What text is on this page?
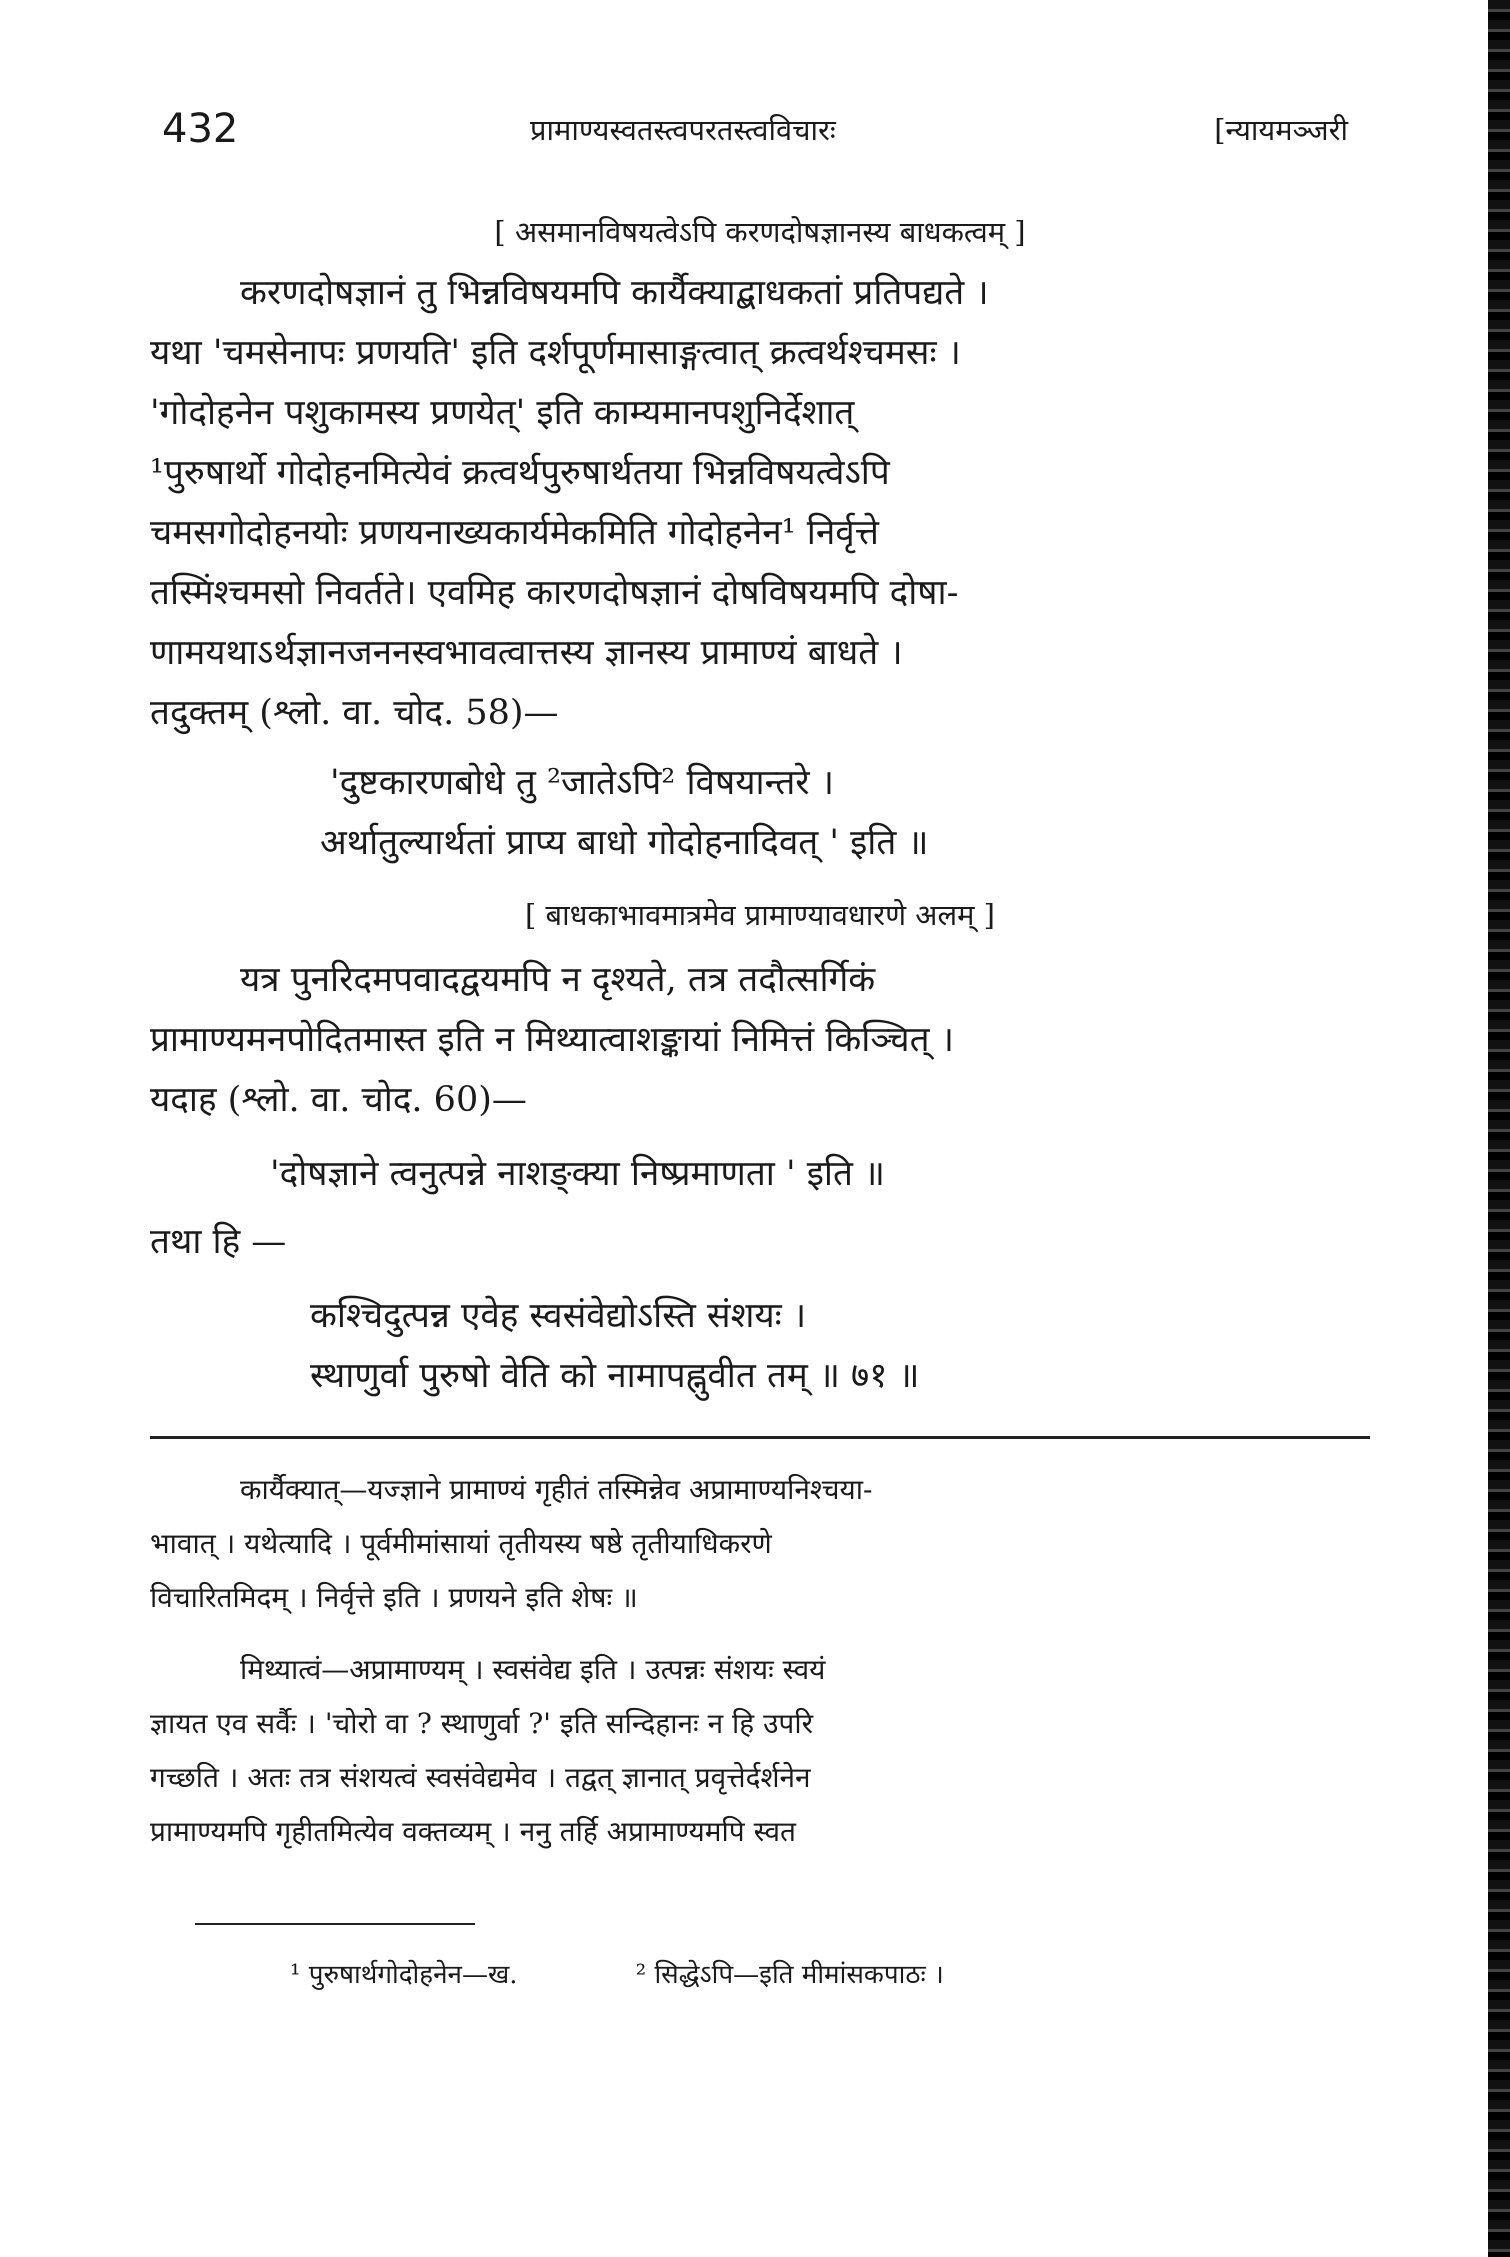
432	प्रामाण्यस्वतस्त्वपरतस्त्वविचारः	[न्यायमञ्जरी

[ असमानविषयत्वेऽपि करणदोषज्ञानस्य बाधकत्वम् ]

करणदोषज्ञानं तु भिन्नविषयमपि कार्यैक्याद्बाधकतां प्रतिपद्यते ।
यथा 'चमसेनापः प्रणयति' इति दर्शपूर्णमासाङ्गत्वात् क्रत्वर्थश्चमसः ।
'गोदोहनेन पशुकामस्य प्रणयेत्' इति काम्यमानपशुनिर्देशात्
¹पुरुषार्थो गोदोहनमित्येवं क्रत्वर्थपुरुषार्थतया भिन्नविषयत्वेऽपि
चमसगोदोहनयोः प्रणयनाख्यकार्यमेकमिति गोदोहनेन¹ निर्वृत्ते
तस्मिंश्चमसो निवर्तते। एवमिह कारणदोषज्ञानं दोषविषयमपि दोषा-
णामयथाऽर्थज्ञानजननस्वभावत्वात्तस्य ज्ञानस्य प्रामाण्यं बाधते ।
तदुक्तम् (श्लो. वा. चोद. 58)—
'दुष्टकारणबोधे तु ²जातेऽपि² विषयान्तरे ।
अर्थातुल्यार्थतां प्राप्य बाधो गोदोहनादिवत् ' इति ॥

[ बाधकाभावमात्रमेव प्रामाण्यावधारणे अलम् ]

यत्र पुनरिदमपवादद्वयमपि न दृश्यते, तत्र तदौत्सर्गिकं
प्रामाण्यमनपोदितमास्त इति न मिथ्यात्वाशङ्कायां निमित्तं किञ्चित् ।
यदाह (श्लो. वा. चोद. 60)—

'दोषज्ञाने त्वनुत्पन्ने नाशङ्क्या निष्प्रमाणता ' इति ॥

तथा हि —

कश्चिदुत्पन्न एवेह स्वसंवेद्योऽस्ति संशयः ।
स्थाणुर्वा पुरुषो वेति को नामापह्नुवीत तम् ॥ ७१ ॥
कार्यैक्यात्—यज्ज्ञाने प्रामाण्यं गृहीतं तस्मिन्नेव अप्रामाण्यनिश्चया-
भावात् । यथेत्यादि । पूर्वमीमांसायां तृतीयस्य षष्ठे तृतीयाधिकरणे
विचारितमिदम् । निर्वृत्ते इति । प्रणयने इति शेषः ॥
मिथ्यात्वं—अप्रामाण्यम् । स्वसंवेद्य इति । उत्पन्नः संशयः स्वयं
ज्ञायत एव सर्वैः । 'चोरो वा ? स्थाणुर्वा ?' इति सन्दिहानः न हि उपरि
गच्छति । अतः तत्र संशयत्वं स्वसंवेद्यमेव । तद्वत् ज्ञानात् प्रवृत्तेर्दर्शनेन
प्रामाण्यमपि गृहीतमित्येव वक्तव्यम् । ननु तर्हि अप्रामाण्यमपि स्वत
¹ पुरुषार्थगोदोहनेन—ख.	² सिद्धेऽपि—इति मीमांसकपाठः ।
